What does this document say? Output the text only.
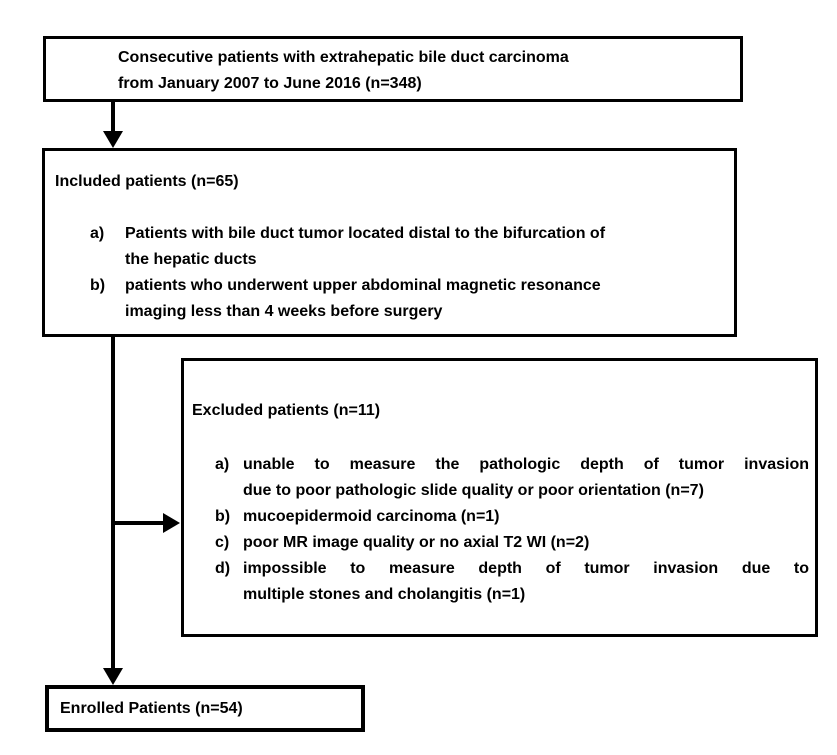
Consecutive patients with extrahepatic bile duct carcinoma
from January 2007 to June 2016 (n=348)
Included patients (n=65)
a)	Patients with bile duct tumor located distal to the bifurcation of
the hepatic ducts
b)	patients who underwent upper abdominal magnetic resonance
imaging less than 4 weeks before surgery
Excluded patients (n=11)
a) unable to measure the pathologic depth of tumor invasion
due to poor pathologic slide quality or poor orientation (n=7)
b) mucoepidermoid carcinoma (n=1)
c) poor MR image quality or no axial T2 WI (n=2)
d) impossible to measure depth of tumor invasion due to
multiple stones and cholangitis (n=1)
Enrolled Patients (n=54)
